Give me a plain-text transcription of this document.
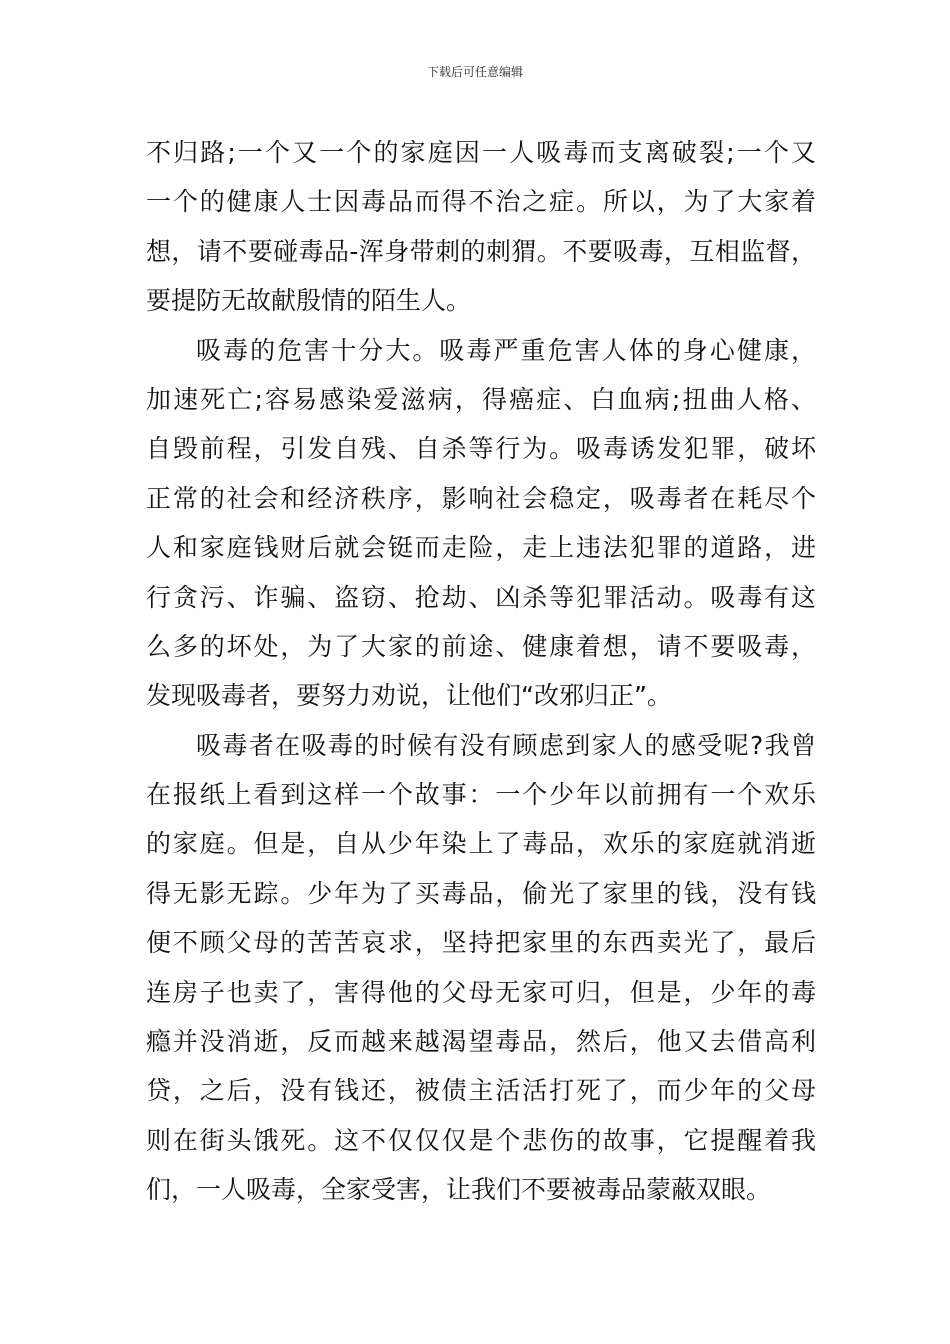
下载后可任意编辑
不归路;一个又一个的家庭因一人吸毒而支离破裂;一个又
一个的健康人士因毒品而得不治之症。所以，为了大家着
想，请不要碰毒品-浑身带刺的刺猬。不要吸毒，互相监督，
要提防无故献殷情的陌生人。
吸毒的危害十分大。吸毒严重危害人体的身心健康，
加速死亡;容易感染爱滋病，得癌症、白血病;扭曲人格、
自毁前程，引发自残、自杀等行为。吸毒诱发犯罪，破坏
正常的社会和经济秩序，影响社会稳定，吸毒者在耗尽个
人和家庭钱财后就会铤而走险，走上违法犯罪的道路，进
行贪污、诈骗、盗窃、抢劫、凶杀等犯罪活动。吸毒有这
么多的坏处，为了大家的前途、健康着想，请不要吸毒，
发现吸毒者，要努力劝说，让他们“改邪归正”。
吸毒者在吸毒的时候有没有顾虑到家人的感受呢?我曾
在报纸上看到这样一个故事：一个少年以前拥有一个欢乐
的家庭。但是，自从少年染上了毒品，欢乐的家庭就消逝
得无影无踪。少年为了买毒品，偷光了家里的钱，没有钱
便不顾父母的苦苦哀求，坚持把家里的东西卖光了，最后
连房子也卖了，害得他的父母无家可归，但是，少年的毒
瘾并没消逝，反而越来越渴望毒品，然后，他又去借高利
贷，之后，没有钱还，被债主活活打死了，而少年的父母
则在街头饿死。这不仅仅仅是个悲伤的故事，它提醒着我
们，一人吸毒，全家受害，让我们不要被毒品蒙蔽双眼。
